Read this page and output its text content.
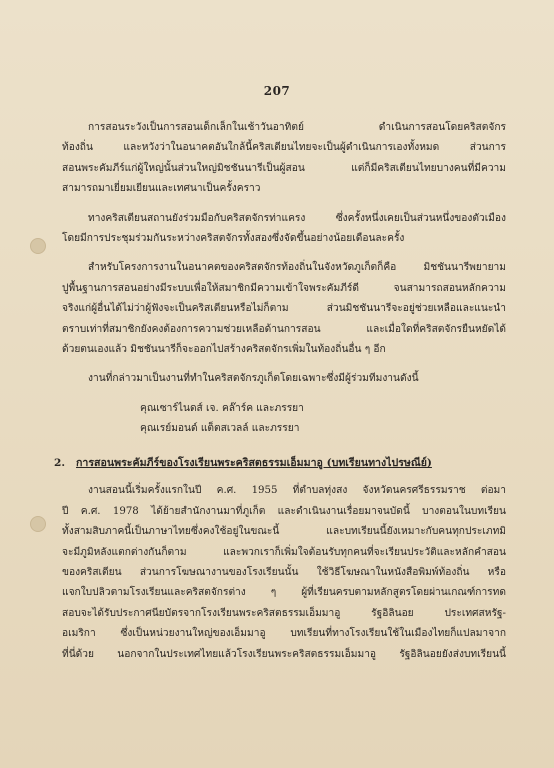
207
การสอนระวังเป็นการสอนเด็กเล็กในเช้าวันอาทิตย์ ดำเนินการสอนโดยคริสตจักร
ท้องถิ่น และหวังว่าในอนาคตอันใกล้นี้คริสเตียนไทยจะเป็นผู้ดำเนินการเองทั้งหมด ส่วนการ
สอนพระคัมภีร์แก่ผู้ใหญ่นั้นส่วนใหญ่มิชชันนารีเป็นผู้สอน แต่ก็มีคริสเตียนไทยบางคนที่มีความ
สามารถมาเยี่ยมเยียนและเทศนาเป็นครั้งคราว
ทางคริสเตียนสถานยังร่วมมือกับคริสตจักรท่าแครง ซึ่งครั้งหนึ่งเคยเป็นส่วนหนึ่งของตัวเมือง
โดยมีการประชุมร่วมกันระหว่างคริสตจักรทั้งสองซึ่งจัดขึ้นอย่างน้อยเดือนละครั้ง
สำหรับโครงการงานในอนาคตของคริสตจักรท้องถิ่นในจังหวัดภูเก็ตก็คือ มิชชันนารีพยายาม
ปูพื้นฐานการสอนอย่างมีระบบเพื่อให้สมาชิกมีความเข้าใจพระคัมภีร์ดี จนสามารถสอนหลักความ
จริงแก่ผู้อื่นได้ไม่ว่าผู้ฟังจะเป็นคริสเตียนหรือไม่ก็ตาม ส่วนมิชชันนารีจะอยู่ช่วยเหลือและแนะนำ
ตราบเท่าที่สมาชิกยังคงต้องการความช่วยเหลือด้านการสอน และเมื่อใดที่คริสตจักรยืนหยัดได้
ด้วยตนเองแล้ว มิชชันนารีก็จะออกไปสร้างคริสตจักรเพิ่มในท้องถิ่นอื่น ๆ อีก
งานที่กล่าวมาเป็นงานที่ทำในคริสตจักรภูเก็ตโดยเฉพาะซึ่งมีผู้ร่วมทีมงานดังนี้
คุณเซาร์ไนดส์ เจ. คล๊าร์ค และภรรยา
คุณเรย์มอนด์ แต็ตสเวลล์ และภรรยา
2. การสอนพระคัมภีร์ของโรงเรียนพระคริสตธรรมเอ็มมาอู (บทเรียนทางไปรษณีย์)
งานสอนนี้เริ่มครั้งแรกในปี ค.ศ. 1955 ที่ตำบลทุ่งสง จังหวัดนครศรีธรรมราช ต่อมา
ปี ค.ศ. 1978 ได้ย้ายสำนักงานมาที่ภูเก็ต และดำเนินงานเรื่อยมาจนบัดนี้ บางตอนในบทเรียน
ทั้งสามสิบภาคนี้เป็นภาษาไทยซึ่งคงใช้อยู่ในขณะนี้ และบทเรียนนี้ยังเหมาะกับคนทุกประเภทมิ
จะมีภูมิหลังแตกต่างกันก็ตาม และพวกเราก็เพิ่มใจต้อนรับทุกคนที่จะเรียนประวัติและหลักคำสอน
ของคริสเตียน ส่วนการโฆษณางานของโรงเรียนนั้น ใช้วิธีโฆษณาในหนังสือพิมพ์ท้องถิ่น หรือ
แจกใบปลิวตามโรงเรียนและคริสตจักรต่าง ๆ ผู้ที่เรียนครบตามหลักสูตรโดยผ่านเกณฑ์การทด
สอบจะได้รับประกาศนียบัตรจากโรงเรียนพระคริสตธรรมเอ็มมาอู รัฐอิลินอย ประเทศสหรัฐ-
อเมริกา ซึ่งเป็นหน่วยงานใหญ่ของเอ็มมาอู บทเรียนที่ทางโรงเรียนใช้ในเมืองไทยก็แปลมาจาก
ที่นี่ด้วย นอกจากในประเทศไทยแล้วโรงเรียนพระคริสตธรรมเอ็มมาอู รัฐอิลินอยยังส่งบทเรียนนี้
